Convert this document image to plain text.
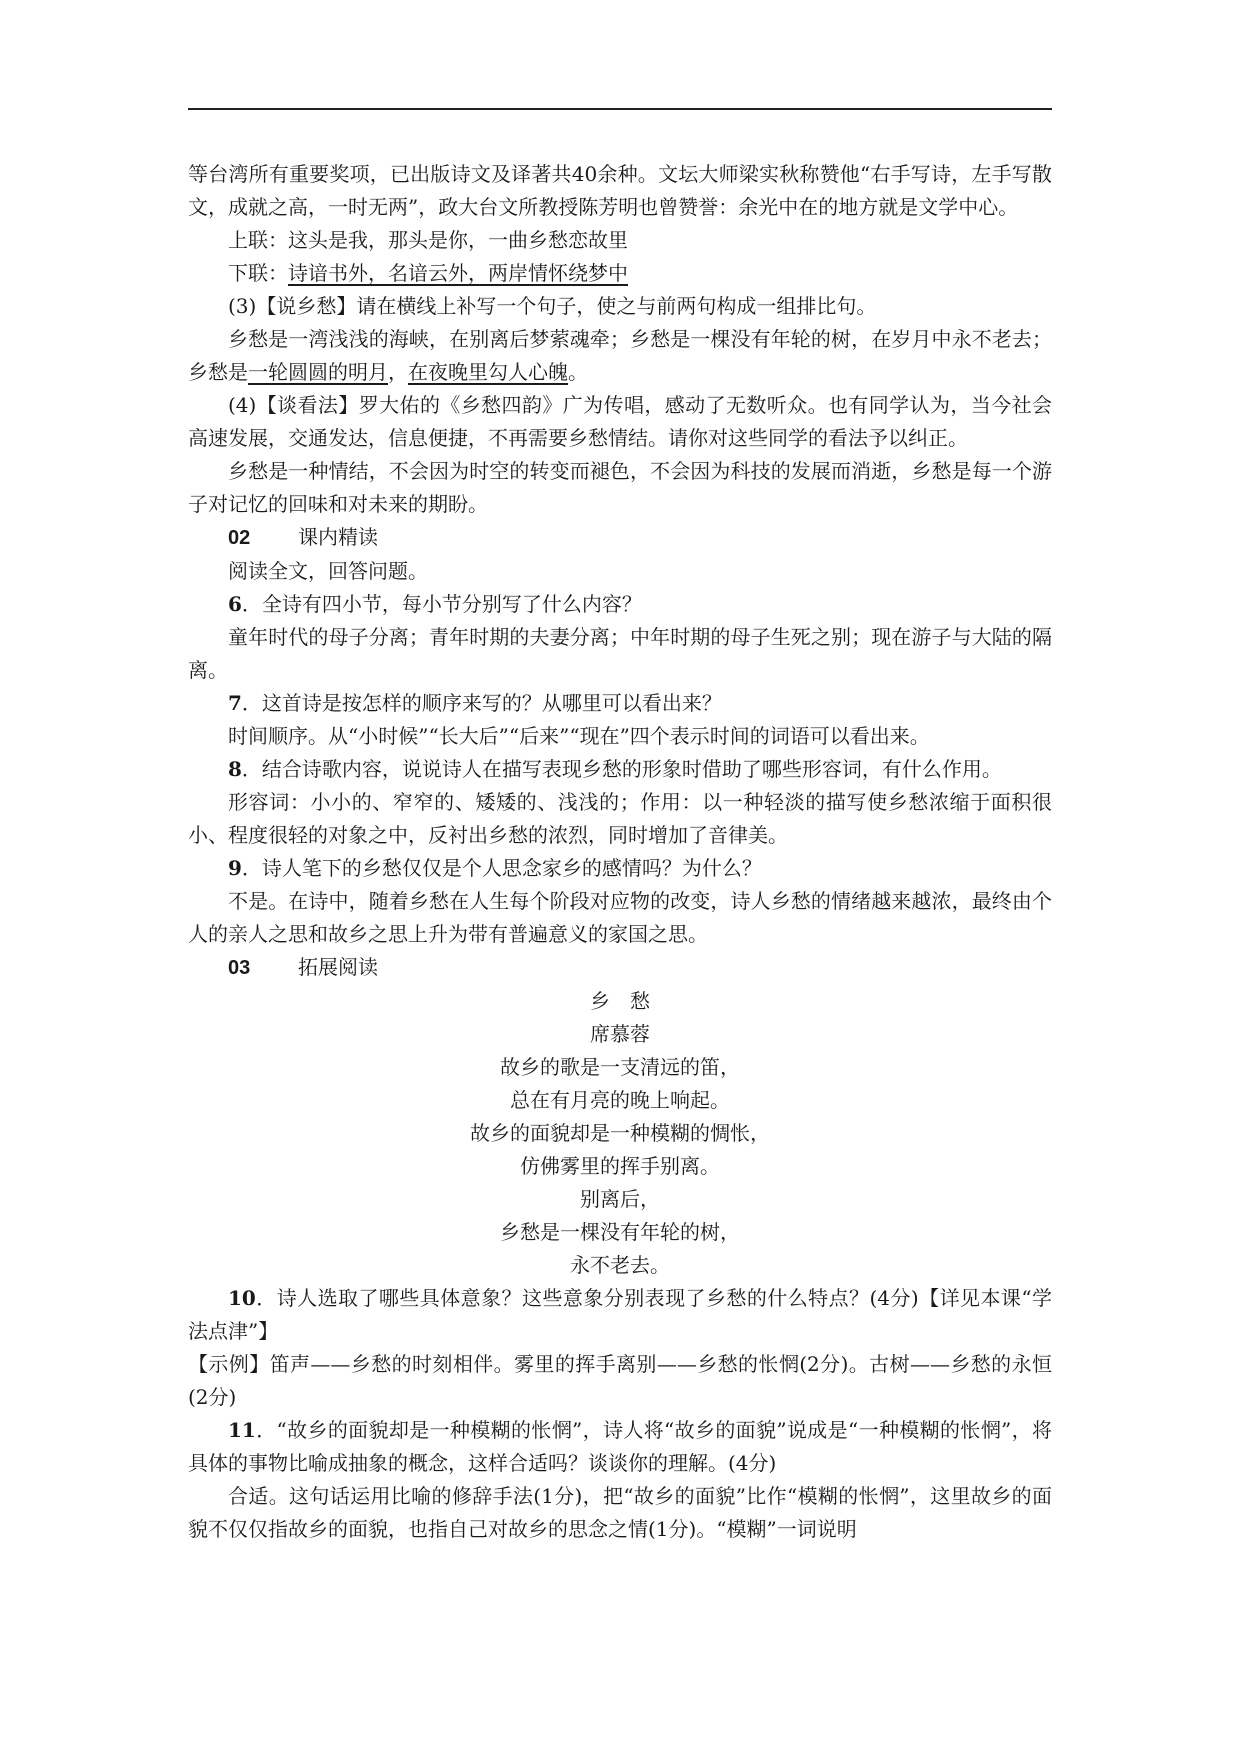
等台湾所有重要奖项，已出版诗文及译著共40余种。文坛大师梁实秋称赞他“右手写诗，左手写散文，成就之高，一时无两”，政大台文所教授陈芳明也曾赞誉：余光中在的地方就是文学中心。

上联：这头是我，那头是你，一曲乡愁恋故里

下联：诗谙书外，名谙云外，两岸情怀绕梦中

(3)【说乡愁】请在横线上补写一个句子，使之与前两句构成一组排比句。

乡愁是一湾浅浅的海峡，在别离后梦萦魂牵；乡愁是一棵没有年轮的树，在岁月中永不老去；乡愁是一轮圆圆的明月，在夜晚里勾人心魄。

(4)【谈看法】罗大佑的《乡愁四韵》广为传唱，感动了无数听众。也有同学认为，当今社会高速发展，交通发达，信息便捷，不再需要乡愁情结。请你对这些同学的看法予以纠正。

乡愁是一种情结，不会因为时空的转变而褪色，不会因为科技的发展而消逝，乡愁是每一个游子对记忆的回味和对未来的期盼。

02 课内精读

阅读全文，回答问题。

6．全诗有四小节，每小节分别写了什么内容？

童年时代的母子分离；青年时期的夫妻分离；中年时期的母子生死之别；现在游子与大陆的隔离。

7．这首诗是按怎样的顺序来写的？从哪里可以看出来？

时间顺序。从“小时候”“长大后”“后来”“现在”四个表示时间的词语可以看出来。

8．结合诗歌内容，说说诗人在描写表现乡愁的形象时借助了哪些形容词，有什么作用。

形容词：小小的、窄窄的、矮矮的、浅浅的；作用：以一种轻淡的描写使乡愁浓缩于面积很小、程度很轻的对象之中，反衬出乡愁的浓烈，同时增加了音律美。

9．诗人笔下的乡愁仅仅是个人思念家乡的感情吗？为什么？

不是。在诗中，随着乡愁在人生每个阶段对应物的改变，诗人乡愁的情绪越来越浓，最终由个人的亲人之思和故乡之思上升为带有普遍意义的家国之思。

03 拓展阅读

乡愁
席慕蓉
故乡的歌是一支清远的笛，
总在有月亮的晚上响起。
故乡的面貌却是一种模糊的惆怅，
仿佛雾里的挥手别离。
别离后，
乡愁是一棵没有年轮的树，
永不老去。

10．诗人选取了哪些具体意象？这些意象分别表现了乡愁的什么特点？(4分)【详见本课“学法点津”】

【示例】笛声——乡愁的时刻相伴。雾里的挥手离别——乡愁的怅惘(2分)。古树——乡愁的永恒(2分)

11．“故乡的面貌却是一种模糊的怅惘”，诗人将“故乡的面貌”说成是“一种模糊的怅惘”，将具体的事物比喻成抽象的概念，这样合适吗？谈谈你的理解。(4分)

合适。这句话运用比喻的修辞手法(1分)，把“故乡的面貌”比作“模糊的怅惘”，这里故乡的面貌不仅仅指故乡的面貌，也指自己对故乡的思念之情(1分)。“模糊”一词说明
